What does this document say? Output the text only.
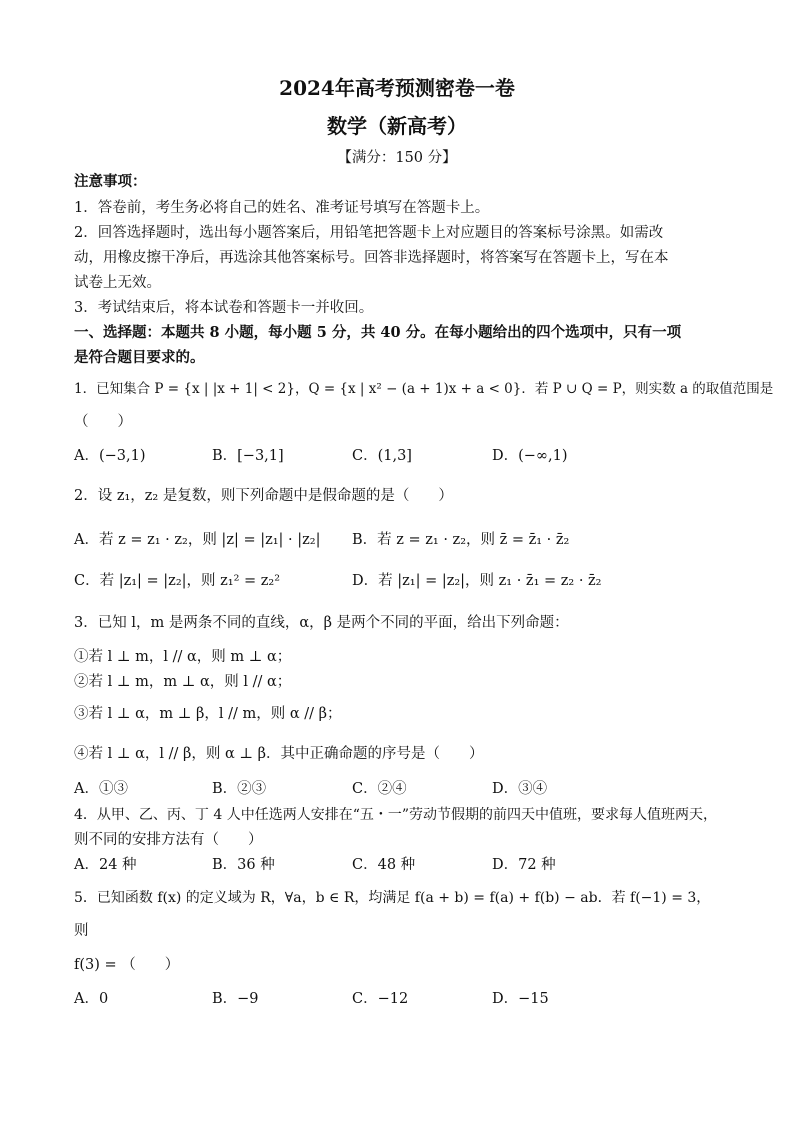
2024年高考预测密卷一卷
数学（新高考）
【满分：150 分】
注意事项：
1．答卷前，考生务必将自己的姓名、准考证号填写在答题卡上。
2．回答选择题时，选出每小题答案后，用铅笔把答题卡上对应题目的答案标号涂黑。如需改
动，用橡皮擦干净后，再选涂其他答案标号。回答非选择题时，将答案写在答题卡上，写在本
试卷上无效。
3．考试结束后，将本试卷和答题卡一并收回。
一、选择题：本题共 8 小题，每小题 5 分，共 40 分。在每小题给出的四个选项中，只有一项
是符合题目要求的。
1．已知集合 P = {x | |x + 1| < 2}，Q = {x | x² − (a + 1)x + a < 0}．若 P ∪ Q = P，则实数 a 的取值范围是
（　　）
A．(−3,1)	B．[−3,1]	C．(1,3]	D．(−∞,1)
2．设 z₁，z₂ 是复数，则下列命题中是假命题的是（　　）
A．若 z = z₁ · z₂，则 |z| = |z₁| · |z₂| B．若 z = z₁ · z₂，则 z̄ = z̄₁ · z̄₂
C．若 |z₁| = |z₂|，则 z₁² = z₂²	D．若 |z₁| = |z₂|，则 z₁ · z̄₁ = z₂ · z̄₂
3．已知 l，m 是两条不同的直线，α，β 是两个不同的平面，给出下列命题：
①若 l ⊥ m，l // α，则 m ⊥ α；
②若 l ⊥ m，m ⊥ α，则 l // α；
③若 l ⊥ α，m ⊥ β，l // m，则 α // β；
④若 l ⊥ α，l // β，则 α ⊥ β．其中正确命题的序号是（　　）
A．①③	B．②③	C．②④	D．③④
4．从甲、乙、丙、丁 4 人中任选两人安排在“五・一”劳动节假期的前四天中值班，要求每人值班两天，
则不同的安排方法有（　　）
A．24 种	B．36 种	C．48 种	D．72 种
5．已知函数 f(x) 的定义域为 R，∀a，b ∈ R，均满足 f(a + b) = f(a) + f(b) − ab．若 f(−1) = 3，
则
f(3) = （　　）
A．0	B．−9	C．−12	D．−15
